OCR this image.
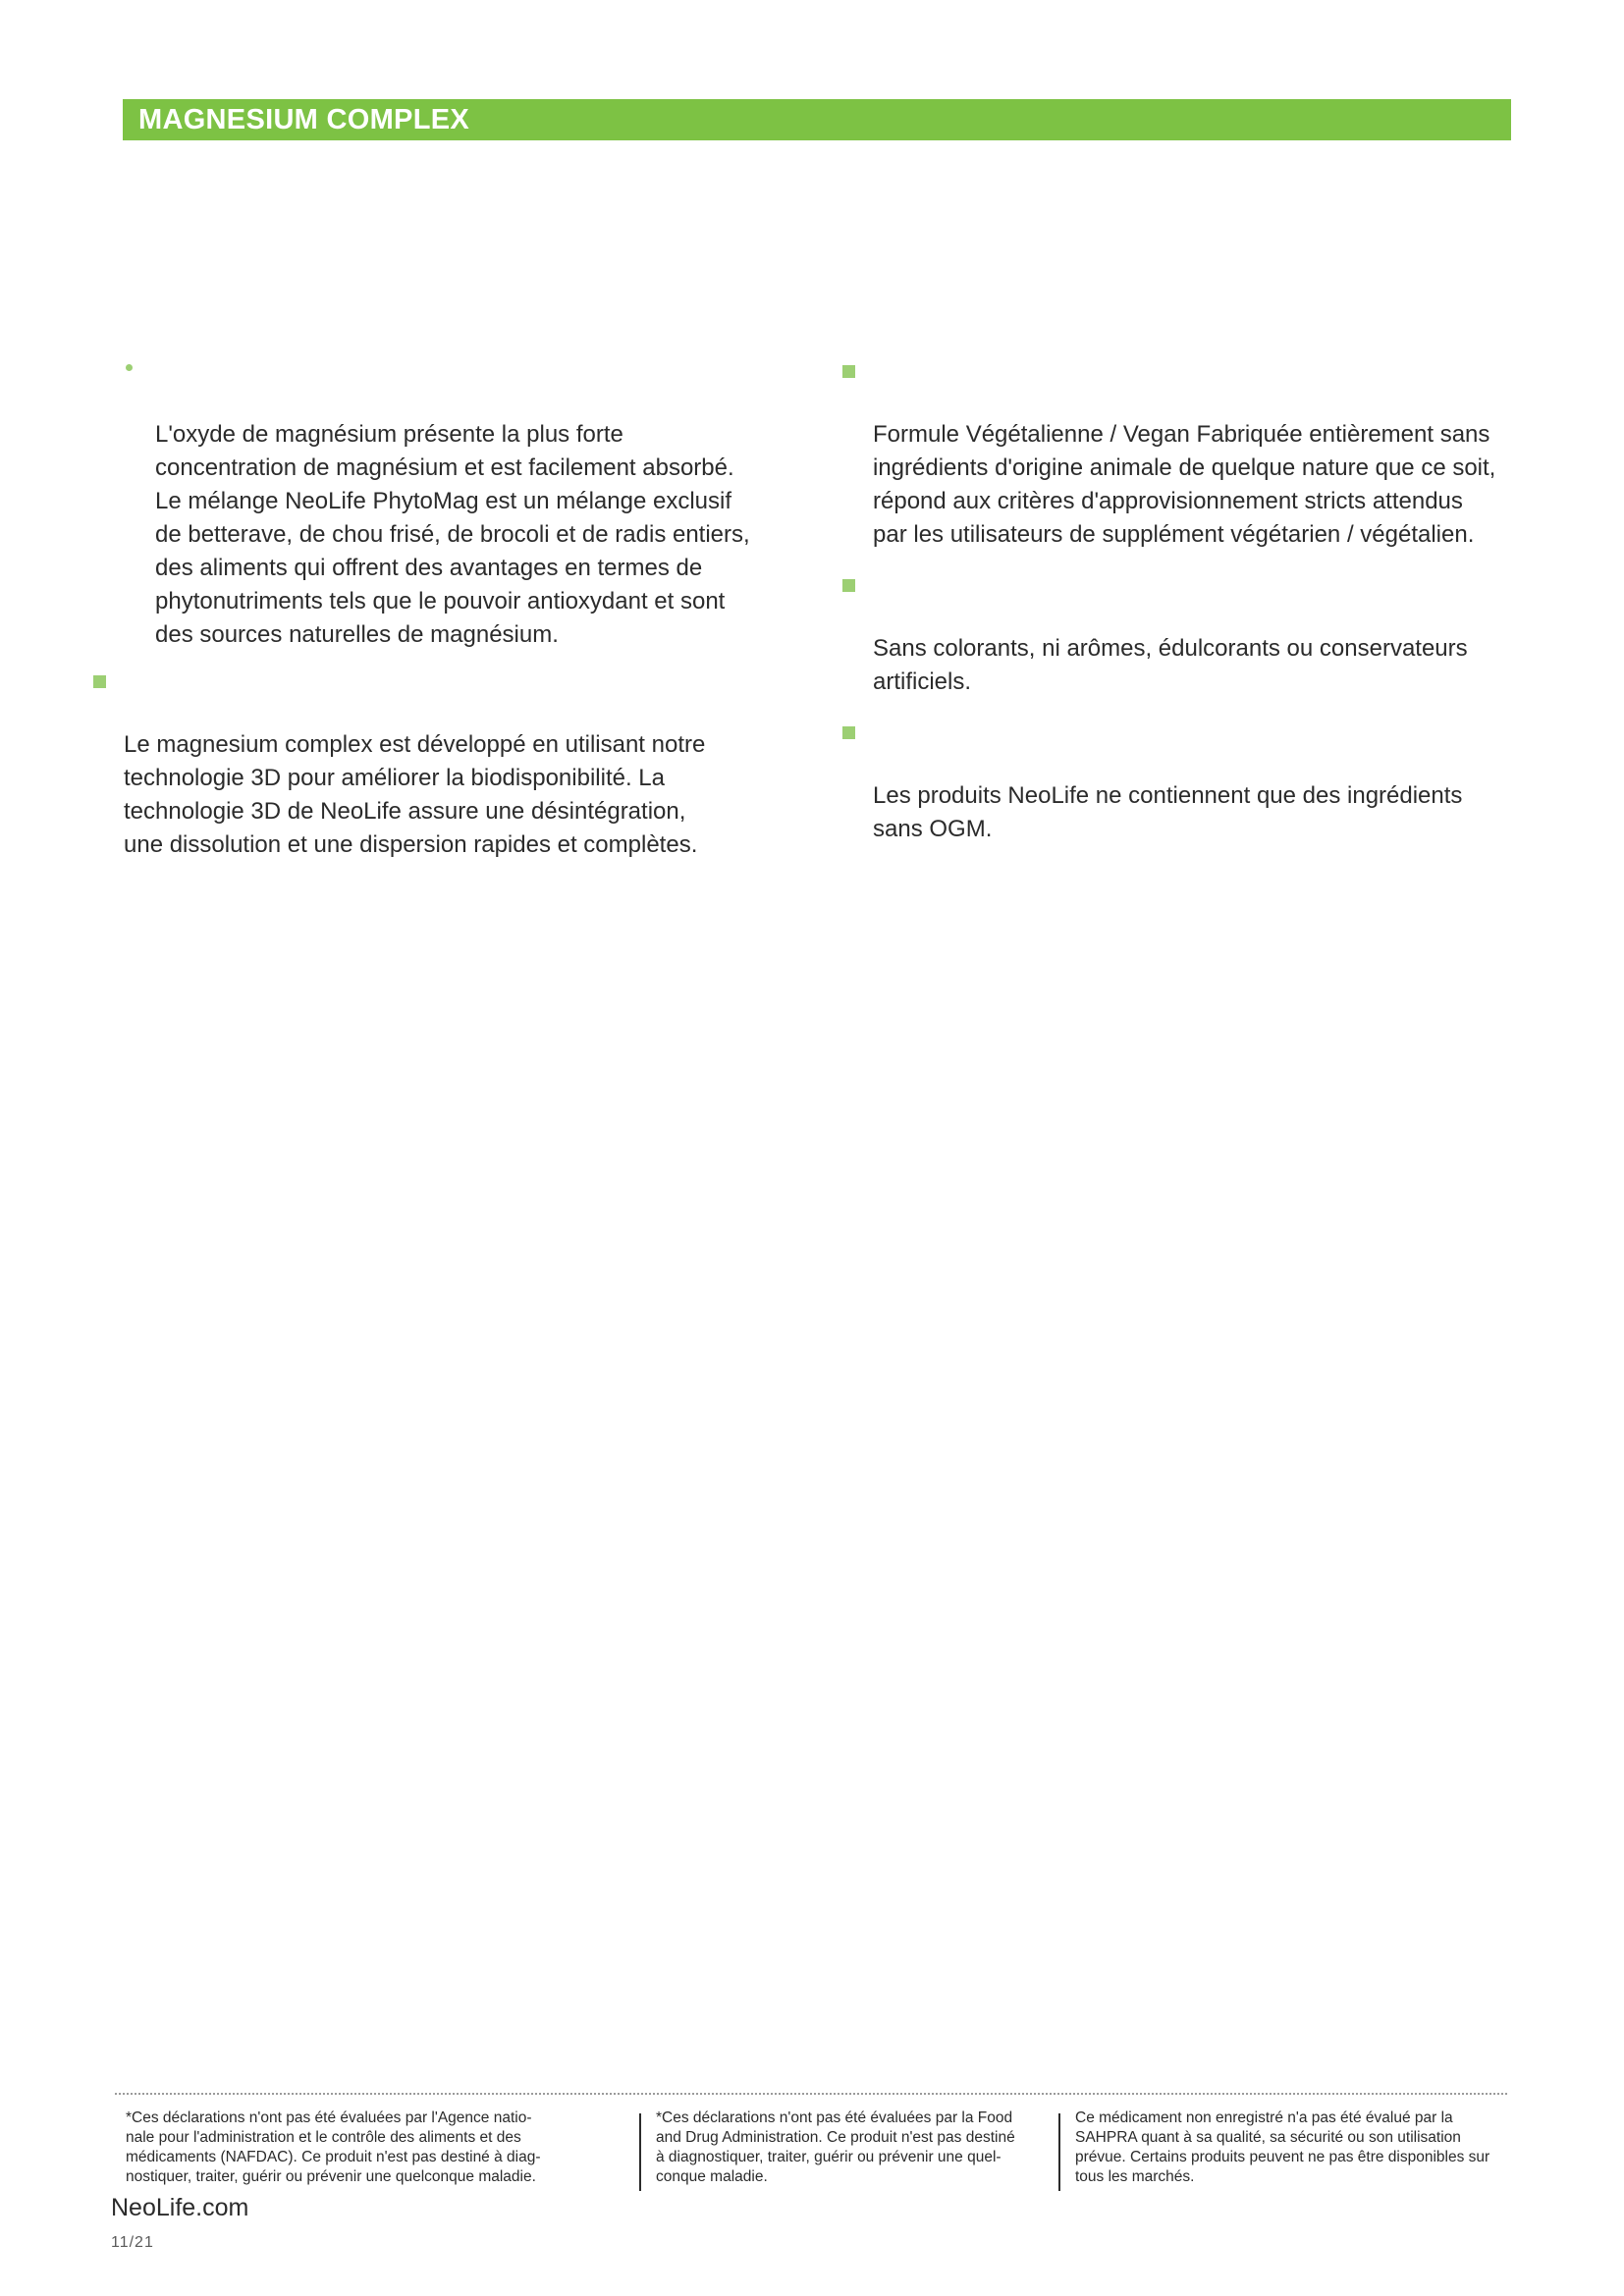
MAGNESIUM COMPLEX

L'oxyde de magnésium présente la plus forte
concentration de magnésium et est facilement absorbé.
Le mélange NeoLife PhytoMag est un mélange exclusif
de betterave, de chou frisé, de brocoli et de radis entiers,
des aliments qui offrent des avantages en termes de
phytonutriments tels que le pouvoir antioxydant et sont
des sources naturelles de magnésium.

Le magnesium complex est développé en utilisant notre
technologie 3D pour améliorer la biodisponibilité. La
technologie 3D de NeoLife assure une désintégration,
une dissolution et une dispersion rapides et complètes.

Formule Végétalienne / Vegan Fabriquée entièrement sans
ingrédients d'origine animale de quelque nature que ce soit,
répond aux critères d'approvisionnement stricts attendus
par les utilisateurs de supplément végétarien / végétalien.

Sans colorants, ni arômes, édulcorants ou conservateurs
artificiels.

Les produits NeoLife ne contiennent que des ingrédients
sans OGM.

*Ces déclarations n'ont pas été évaluées par l'Agence natio-
nale pour l'administration et le contrôle des aliments et des
médicaments (NAFDAC). Ce produit n'est pas destiné à diag-
nostiquer, traiter, guérir ou prévenir une quelconque maladie.
*Ces déclarations n'ont pas été évaluées par la Food
and Drug Administration. Ce produit n'est pas destiné
à diagnostiquer, traiter, guérir ou prévenir une quel-
conque maladie.
Ce médicament non enregistré n'a pas été évalué par la
SAHPRA quant à sa qualité, sa sécurité ou son utilisation
prévue. Certains produits peuvent ne pas être disponibles sur
tous les marchés.
NeoLife.com
11/21
